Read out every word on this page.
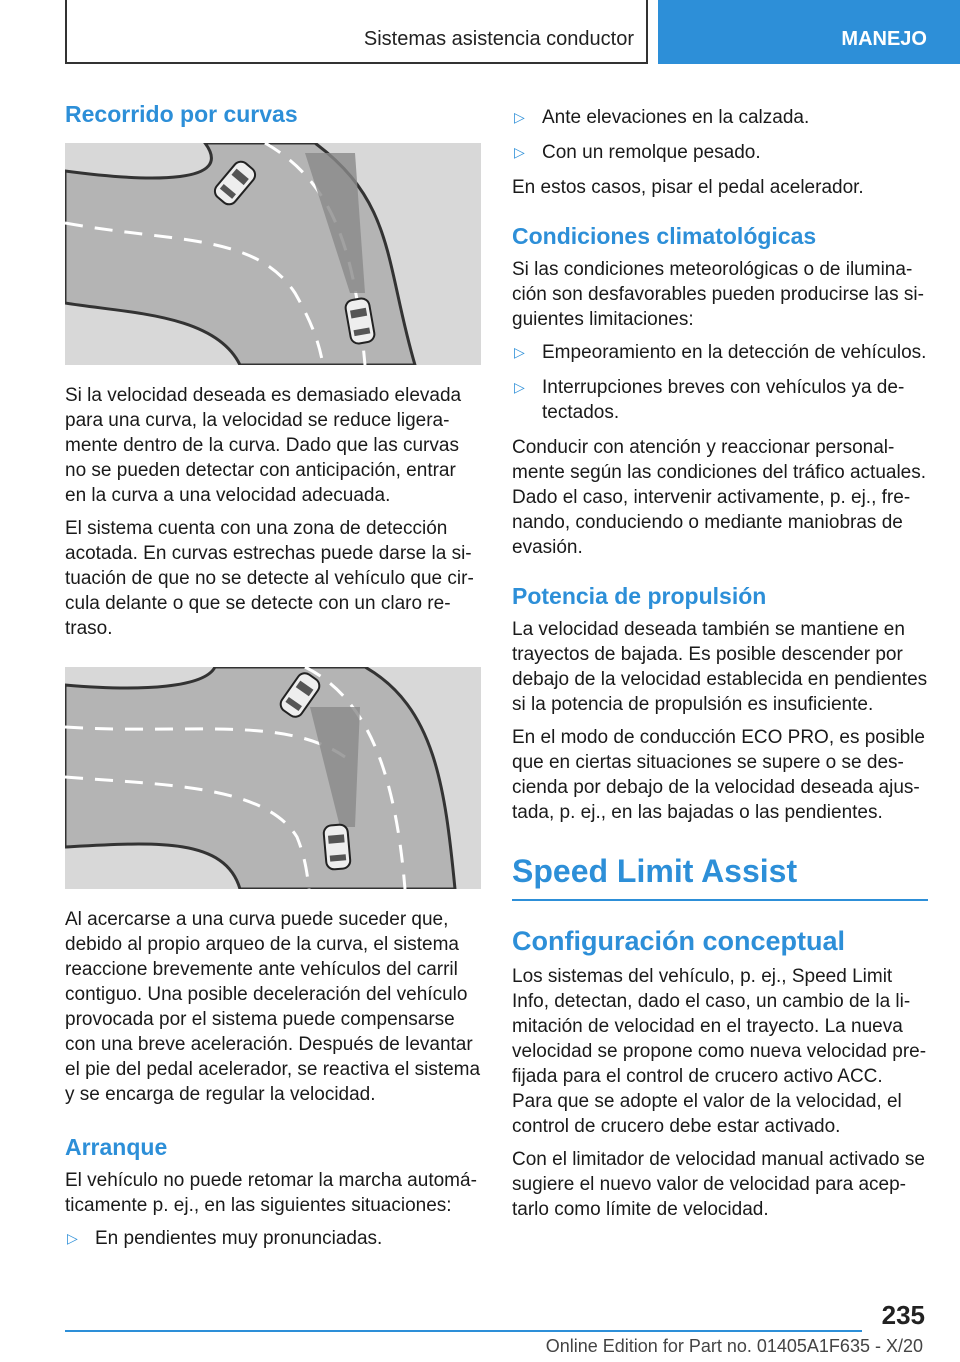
Sistemas asistencia conductor	MANEJO
Recorrido por curvas

Si la velocidad deseada es demasiado elevada para una curva, la velocidad se reduce ligeramente dentro de la curva. Dado que las curvas no se pueden detectar con anticipación, entrar en la curva a una velocidad adecuada.

El sistema cuenta con una zona de detección acotada. En curvas estrechas puede darse la situación de que no se detecte al vehículo que circula delante o que se detecte con un claro retraso.

Al acercarse a una curva puede suceder que, debido al propio arqueo de la curva, el sistema reaccione brevemente ante vehículos del carril contiguo. Una posible deceleración del vehículo provocada por el sistema puede compensarse con una breve aceleración. Después de levantar el pie del pedal acelerador, se reactiva el sistema y se encarga de regular la velocidad.

Arranque

El vehículo no puede retomar la marcha automáticamente p. ej., en las siguientes situaciones:

▷ En pendientes muy pronunciadas.
▷ Ante elevaciones en la calzada.
▷ Con un remolque pesado.

En estos casos, pisar el pedal acelerador.

Condiciones climatológicas

Si las condiciones meteorológicas o de iluminación son desfavorables pueden producirse las siguientes limitaciones:

▷ Empeoramiento en la detección de vehículos.
▷ Interrupciones breves con vehículos ya detectados.

Conducir con atención y reaccionar personalmente según las condiciones del tráfico actuales. Dado el caso, intervenir activamente, p. ej., frenando, conduciendo o mediante maniobras de evasión.

Potencia de propulsión

La velocidad deseada también se mantiene en trayectos de bajada. Es posible descender por debajo de la velocidad establecida en pendientes si la potencia de propulsión es insuficiente.

En el modo de conducción ECO PRO, es posible que en ciertas situaciones se supere o se descienda por debajo de la velocidad deseada ajustada, p. ej., en las bajadas o las pendientes.

Speed Limit Assist
Configuración conceptual

Los sistemas del vehículo, p. ej., Speed Limit Info, detectan, dado el caso, un cambio de la limitación de velocidad en el trayecto. La nueva velocidad se propone como nueva velocidad prefijada para el control de crucero activo ACC. Para que se adopte el valor de la velocidad, el control de crucero debe estar activado.

Con el limitador de velocidad manual activado se sugiere el nuevo valor de velocidad para aceptarlo como límite de velocidad.

235
Online Edition for Part no. 01405A1F635 - X/20
